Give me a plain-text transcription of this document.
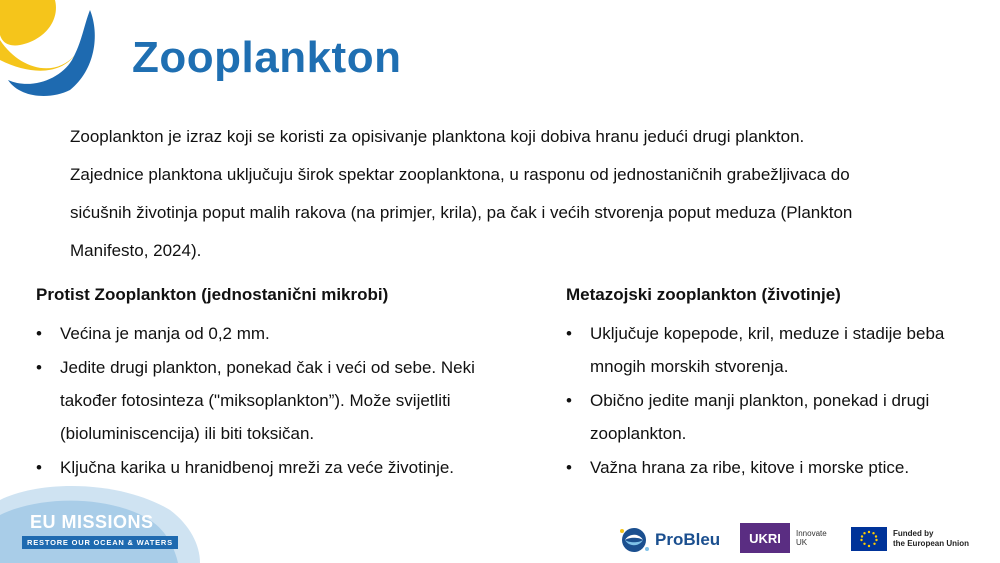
Zooplankton

Zooplankton je izraz koji se koristi za opisivanje planktona koji dobiva hranu jedući drugi plankton.

Zajednice planktona uključuju širok spektar zooplanktona, u rasponu od jednostaničnih grabežljivaca do

sićušnih životinja poput malih rakova (na primjer, krila), pa čak i većih stvorenja poput meduza (Plankton

Manifesto, 2024).

Protist Zooplankton (jednostanični mikrobi)
• Većina je manja od 0,2 mm.
• Jedite drugi plankton, ponekad čak i veći od sebe. Neki također fotosinteza ("miksoplankton”). Može svijetliti (bioluminiscencija) ili biti toksičan.
• Ključna karika u hranidbenoj mreži za veće životinje.
Metazojski zooplankton (životinje)
• Uključuje kopepode, kril, meduze i stadije beba mnogih morskih stvorenja.
• Obično jedite manji plankton, ponekad i drugi zooplankton.
• Važna hrana za ribe, kitove i morske ptice.
EU MISSIONS
RESTORE OUR OCEAN & WATERS	ProBleu	UKRI	Innovate
UK
Funded by
the European Union
